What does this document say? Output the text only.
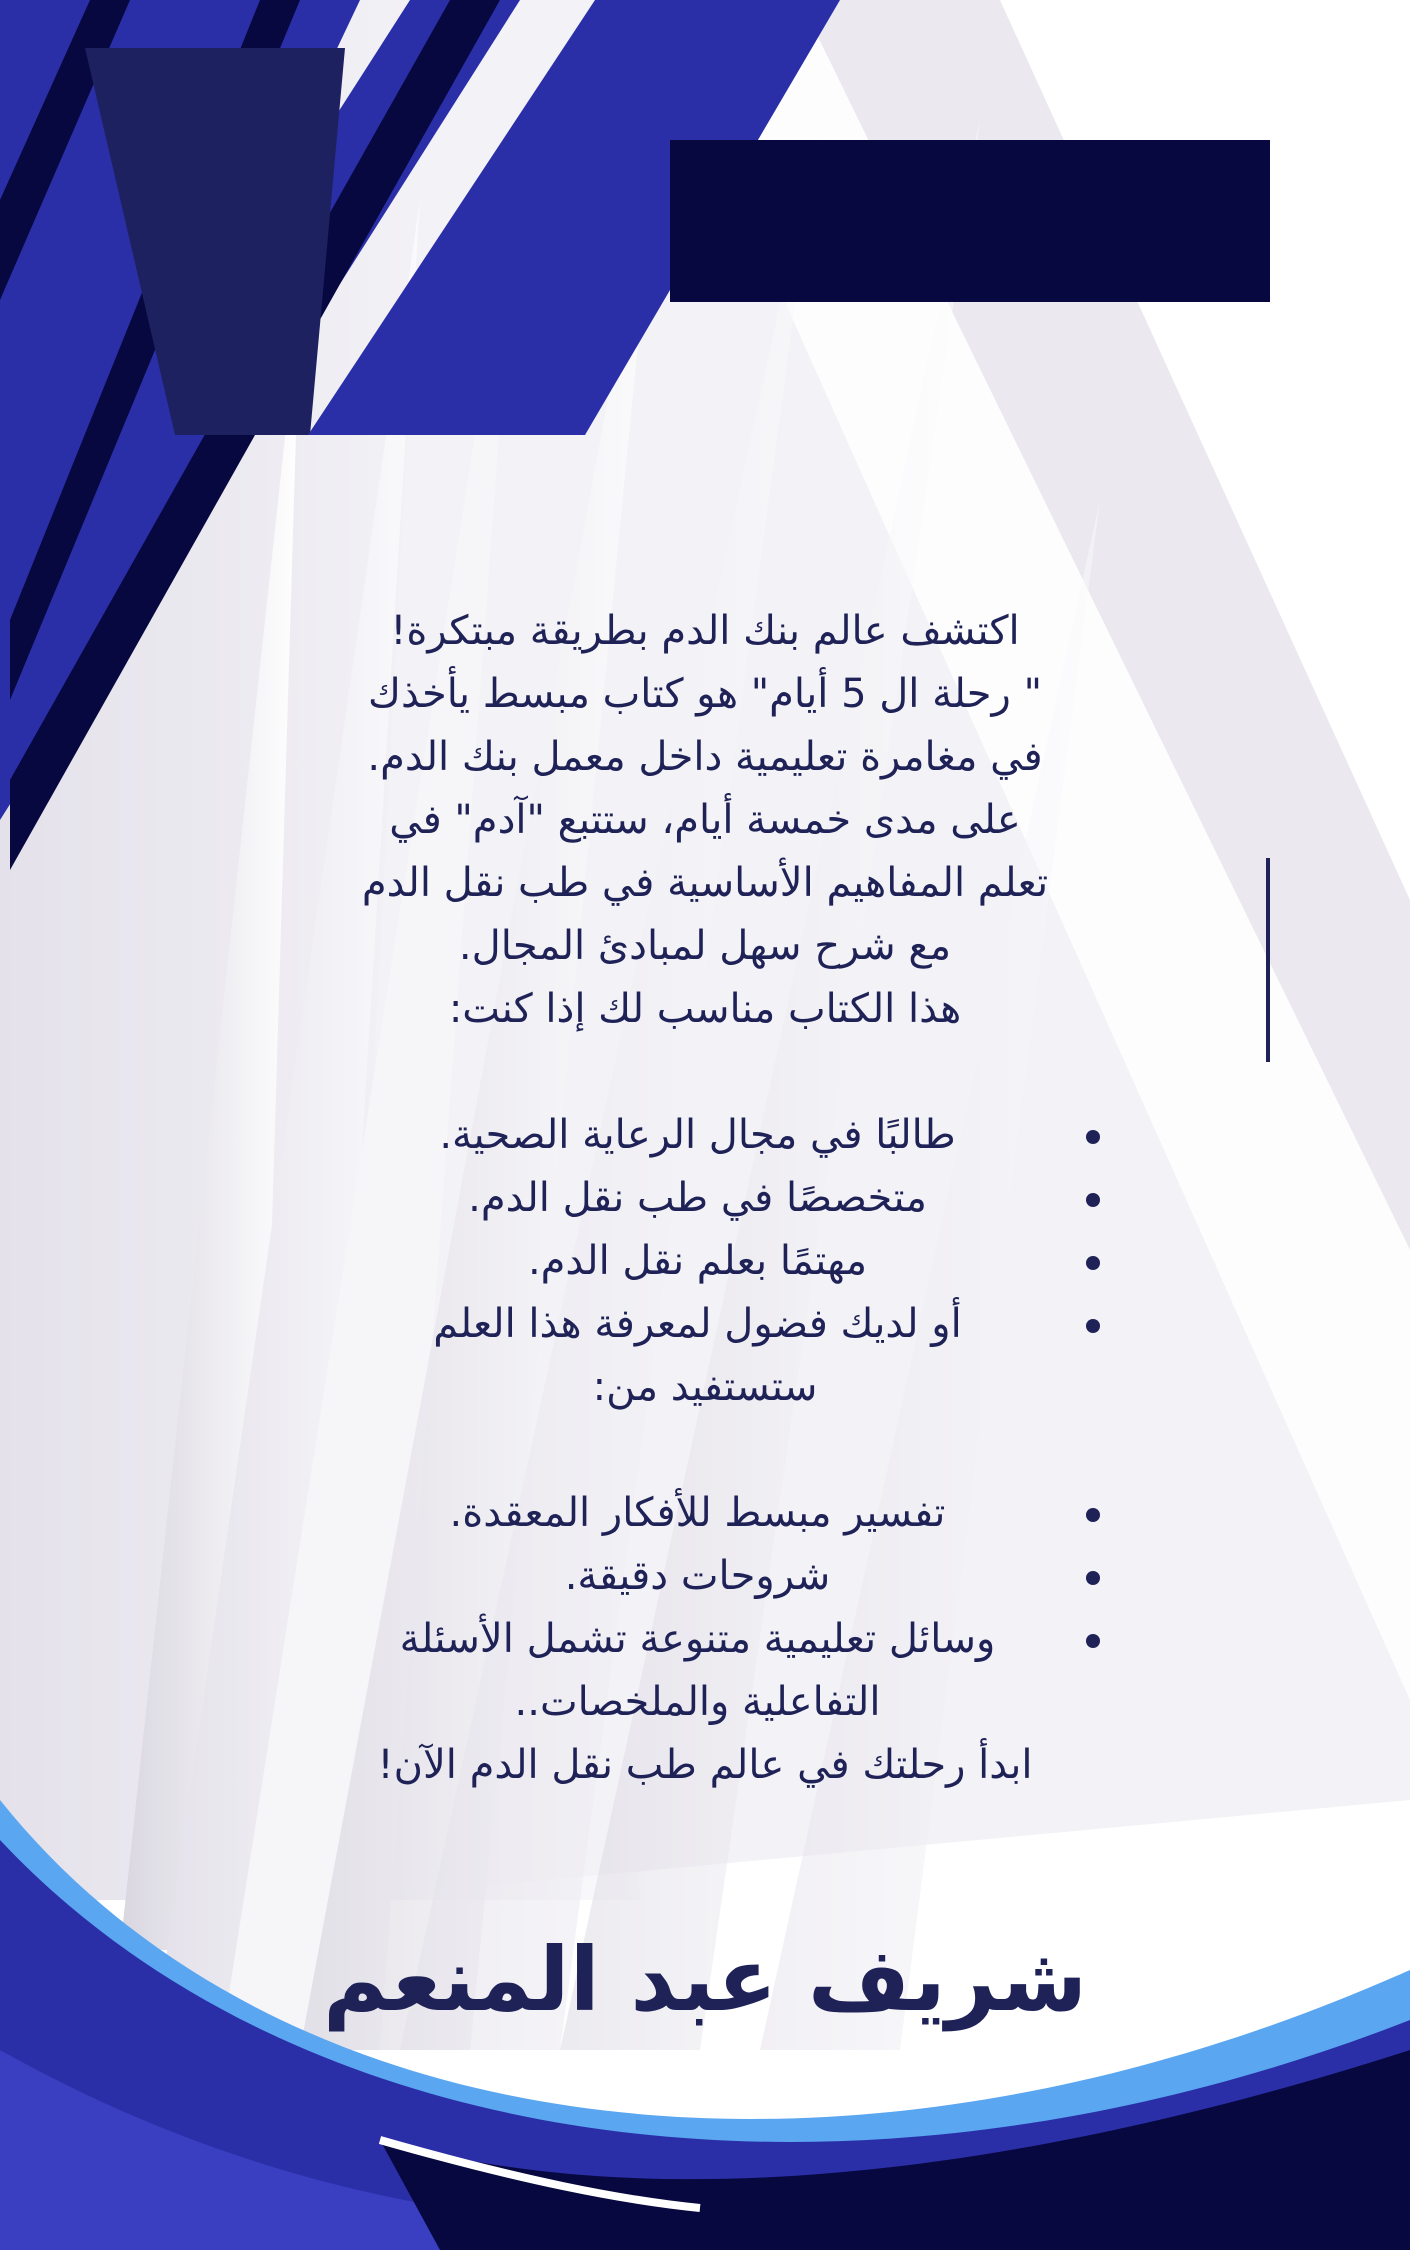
اكتشف عالم بنك الدم بطريقة مبتكرة!

" رحلة ال 5 أيام" هو كتاب مبسط يأخذك

في مغامرة تعليمية داخل معمل بنك الدم.

على مدى خمسة أيام، ستتبع "آدم" في

تعلم المفاهيم الأساسية في طب نقل الدم

مع شرح سهل لمبادئ المجال.

هذا الكتاب مناسب لك إذا كنت:

طالبًا في مجال الرعاية الصحية.
متخصصًا في طب نقل الدم.
مهتمًا بعلم نقل الدم.
أو لديك فضول لمعرفة هذا العلم

ستستفيد من:

تفسير مبسط للأفكار المعقدة.
شروحات دقيقة.
وسائل تعليمية متنوعة تشمل الأسئلة التفاعلية والملخصات..

ابدأ رحلتك في عالم طب نقل الدم الآن!

شريف عبد المنعم
